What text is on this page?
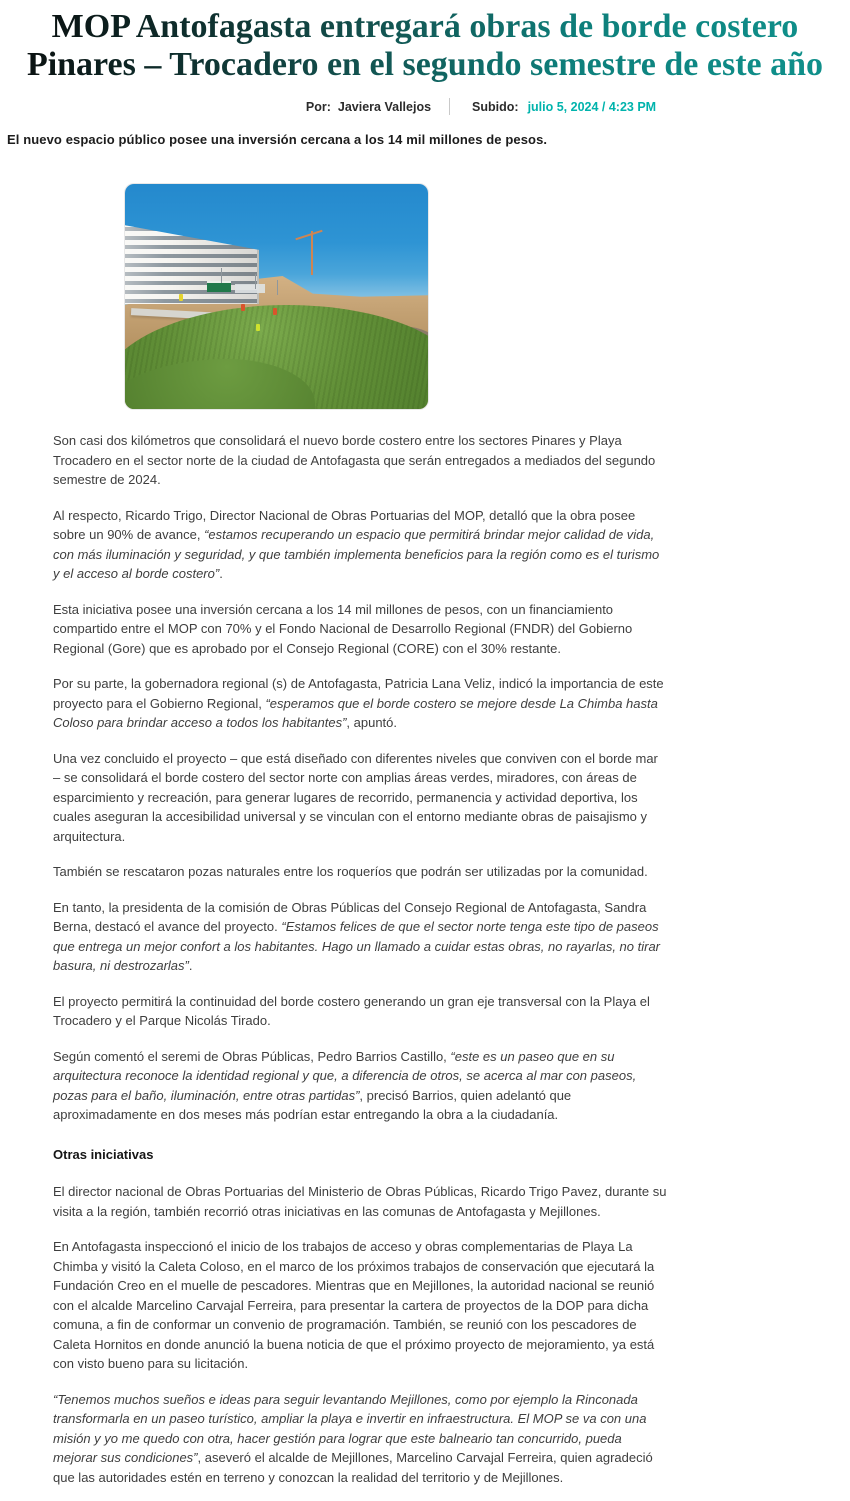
MOP Antofagasta entregará obras de borde costero Pinares – Trocadero en el segundo semestre de este año
Por: Javiera Vallejos	Subido: julio 5, 2024 / 4:23 PM

El nuevo espacio público posee una inversión cercana a los 14 mil millones de pesos.

Son casi dos kilómetros que consolidará el nuevo borde costero entre los sectores Pinares y Playa Trocadero en el sector norte de la ciudad de Antofagasta que serán entregados a mediados del segundo semestre de 2024.

Al respecto, Ricardo Trigo, Director Nacional de Obras Portuarias del MOP, detalló que la obra posee sobre un 90% de avance, “estamos recuperando un espacio que permitirá brindar mejor calidad de vida, con más iluminación y seguridad, y que también implementa beneficios para la región como es el turismo y el acceso al borde costero”.

Esta iniciativa posee una inversión cercana a los 14 mil millones de pesos, con un financiamiento compartido entre el MOP con 70% y el Fondo Nacional de Desarrollo Regional (FNDR) del Gobierno Regional (Gore) que es aprobado por el Consejo Regional (CORE) con el 30% restante.

Por su parte, la gobernadora regional (s) de Antofagasta, Patricia Lana Veliz, indicó la importancia de este proyecto para el Gobierno Regional, “esperamos que el borde costero se mejore desde La Chimba hasta Coloso para brindar acceso a todos los habitantes”, apuntó.

Una vez concluido el proyecto – que está diseñado con diferentes niveles que conviven con el borde mar – se consolidará el borde costero del sector norte con amplias áreas verdes, miradores, con áreas de esparcimiento y recreación, para generar lugares de recorrido, permanencia y actividad deportiva, los cuales aseguran la accesibilidad universal y se vinculan con el entorno mediante obras de paisajismo y arquitectura.

También se rescataron pozas naturales entre los roqueríos que podrán ser utilizadas por la comunidad.

En tanto, la presidenta de la comisión de Obras Públicas del Consejo Regional de Antofagasta, Sandra Berna, destacó el avance del proyecto. “Estamos felices de que el sector norte tenga este tipo de paseos que entrega un mejor confort a los habitantes. Hago un llamado a cuidar estas obras, no rayarlas, no tirar basura, ni destrozarlas”.

El proyecto permitirá la continuidad del borde costero generando un gran eje transversal con la Playa el Trocadero y el Parque Nicolás Tirado.

Según comentó el seremi de Obras Públicas, Pedro Barrios Castillo, “este es un paseo que en su arquitectura reconoce la identidad regional y que, a diferencia de otros, se acerca al mar con paseos, pozas para el baño, iluminación, entre otras partidas”, precisó Barrios, quien adelantó que aproximadamente en dos meses más podrían estar entregando la obra a la ciudadanía.

Otras iniciativas

El director nacional de Obras Portuarias del Ministerio de Obras Públicas, Ricardo Trigo Pavez, durante su visita a la región, también recorrió otras iniciativas en las comunas de Antofagasta y Mejillones.

En Antofagasta inspeccionó el inicio de los trabajos de acceso y obras complementarias de Playa La Chimba y visitó la Caleta Coloso, en el marco de los próximos trabajos de conservación que ejecutará la Fundación Creo en el muelle de pescadores. Mientras que en Mejillones, la autoridad nacional se reunió con el alcalde Marcelino Carvajal Ferreira, para presentar la cartera de proyectos de la DOP para dicha comuna, a fin de conformar un convenio de programación. También, se reunió con los pescadores de Caleta Hornitos en donde anunció la buena noticia de que el próximo proyecto de mejoramiento, ya está con visto bueno para su licitación.

“Tenemos muchos sueños e ideas para seguir levantando Mejillones, como por ejemplo la Rinconada transformarla en un paseo turístico, ampliar la playa e invertir en infraestructura. El MOP se va con una misión y yo me quedo con otra, hacer gestión para lograr que este balneario tan concurrido, pueda mejorar sus condiciones”, aseveró el alcalde de Mejillones, Marcelino Carvajal Ferreira, quien agradeció que las autoridades estén en terreno y conozcan la realidad del territorio y de Mejillones.
